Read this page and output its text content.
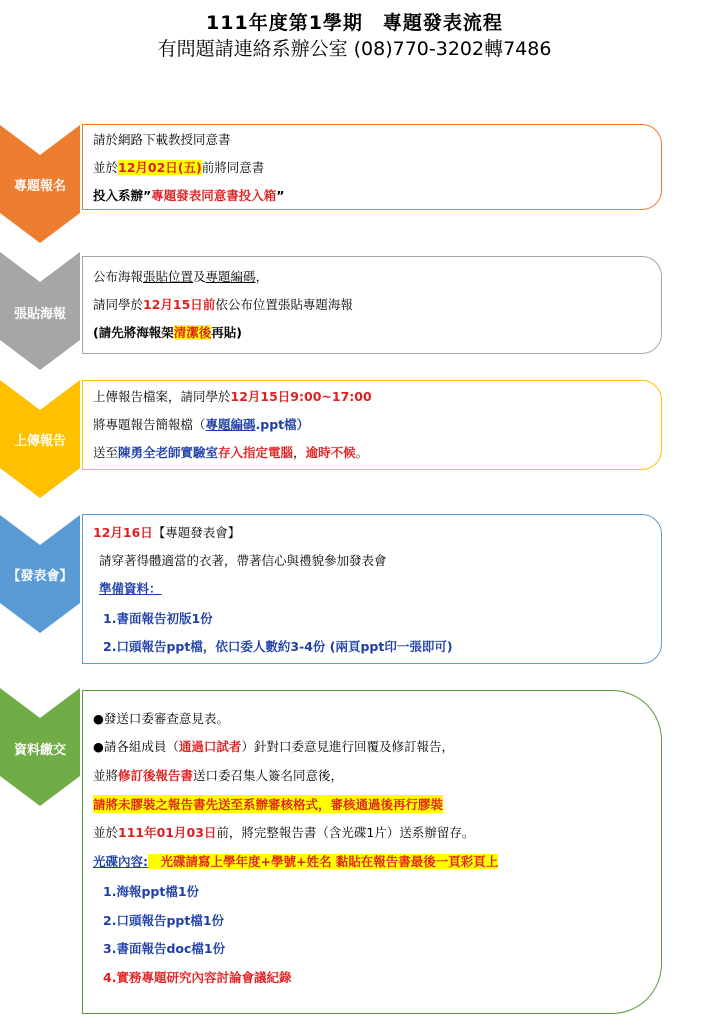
111年度第1學期　專題發表流程
有問題請連絡系辦公室 (08)770-3202轉7486
專題報名
請於網路下載教授同意書
並於12月02日(五)前將同意書
投入系辦”專題發表同意書投入箱”
張貼海報
公布海報張貼位置及專題編碼，
請同學於12月15日前依公布位置張貼專題海報
(請先將海報架清潔後再貼)
上傳報告
上傳報告檔案，請同學於12月15日9:00~17:00
將專題報告簡報檔（專題編碼.ppt檔）
送至陳勇全老師實驗室存入指定電腦，逾時不候。
【發表會】
12月16日【專題發表會】
請穿著得體適當的衣著，帶著信心與禮貌參加發表會
準備資料：
1.書面報告初版1份
2.口頭報告ppt檔，依口委人數約3-4份 (兩頁ppt印一張即可)
資料繳交
●發送口委審查意見表。
●請各組成員（通過口試者）針對口委意見進行回覆及修訂報告，
並將修訂後報告書送口委召集人簽名同意後，
請將未膠裝之報告書先送至系辦審核格式，審核通過後再行膠裝
並於111年01月03日前，將完整報告書（含光碟1片）送系辦留存。
光碟內容:　光碟請寫上學年度+學號+姓名 黏貼在報告書最後一頁彩頁上
1.海報ppt檔1份
2.口頭報告ppt檔1份
3.書面報告doc檔1份
4.實務專題研究內容討論會議紀錄
